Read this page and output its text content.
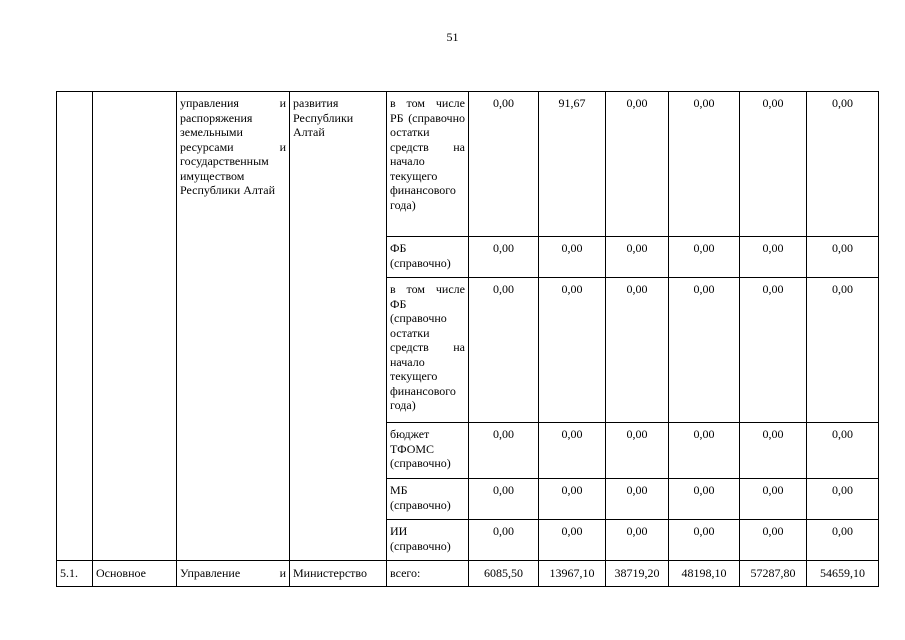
51
		управления и распоряжения земельными ресурсами и государственным имуществом Республики Алтай	развития Республики Алтай	в том числе РБ (справочно остатки средств на начало текущего финансового года)	0,00	91,67	0,00	0,00	0,00	0,00
				ФБ (справочно)	0,00	0,00	0,00	0,00	0,00	0,00
				в том числе ФБ (справочно остатки средств на начало текущего финансового года)	0,00	0,00	0,00	0,00	0,00	0,00
				бюджет ТФОМС (справочно)	0,00	0,00	0,00	0,00	0,00	0,00
				МБ (справочно)	0,00	0,00	0,00	0,00	0,00	0,00
				ИИ (справочно)	0,00	0,00	0,00	0,00	0,00	0,00
5.1.	Основное	Управление и	Министерство	всего:	6085,50	13967,10	38719,20	48198,10	57287,80	54659,10
